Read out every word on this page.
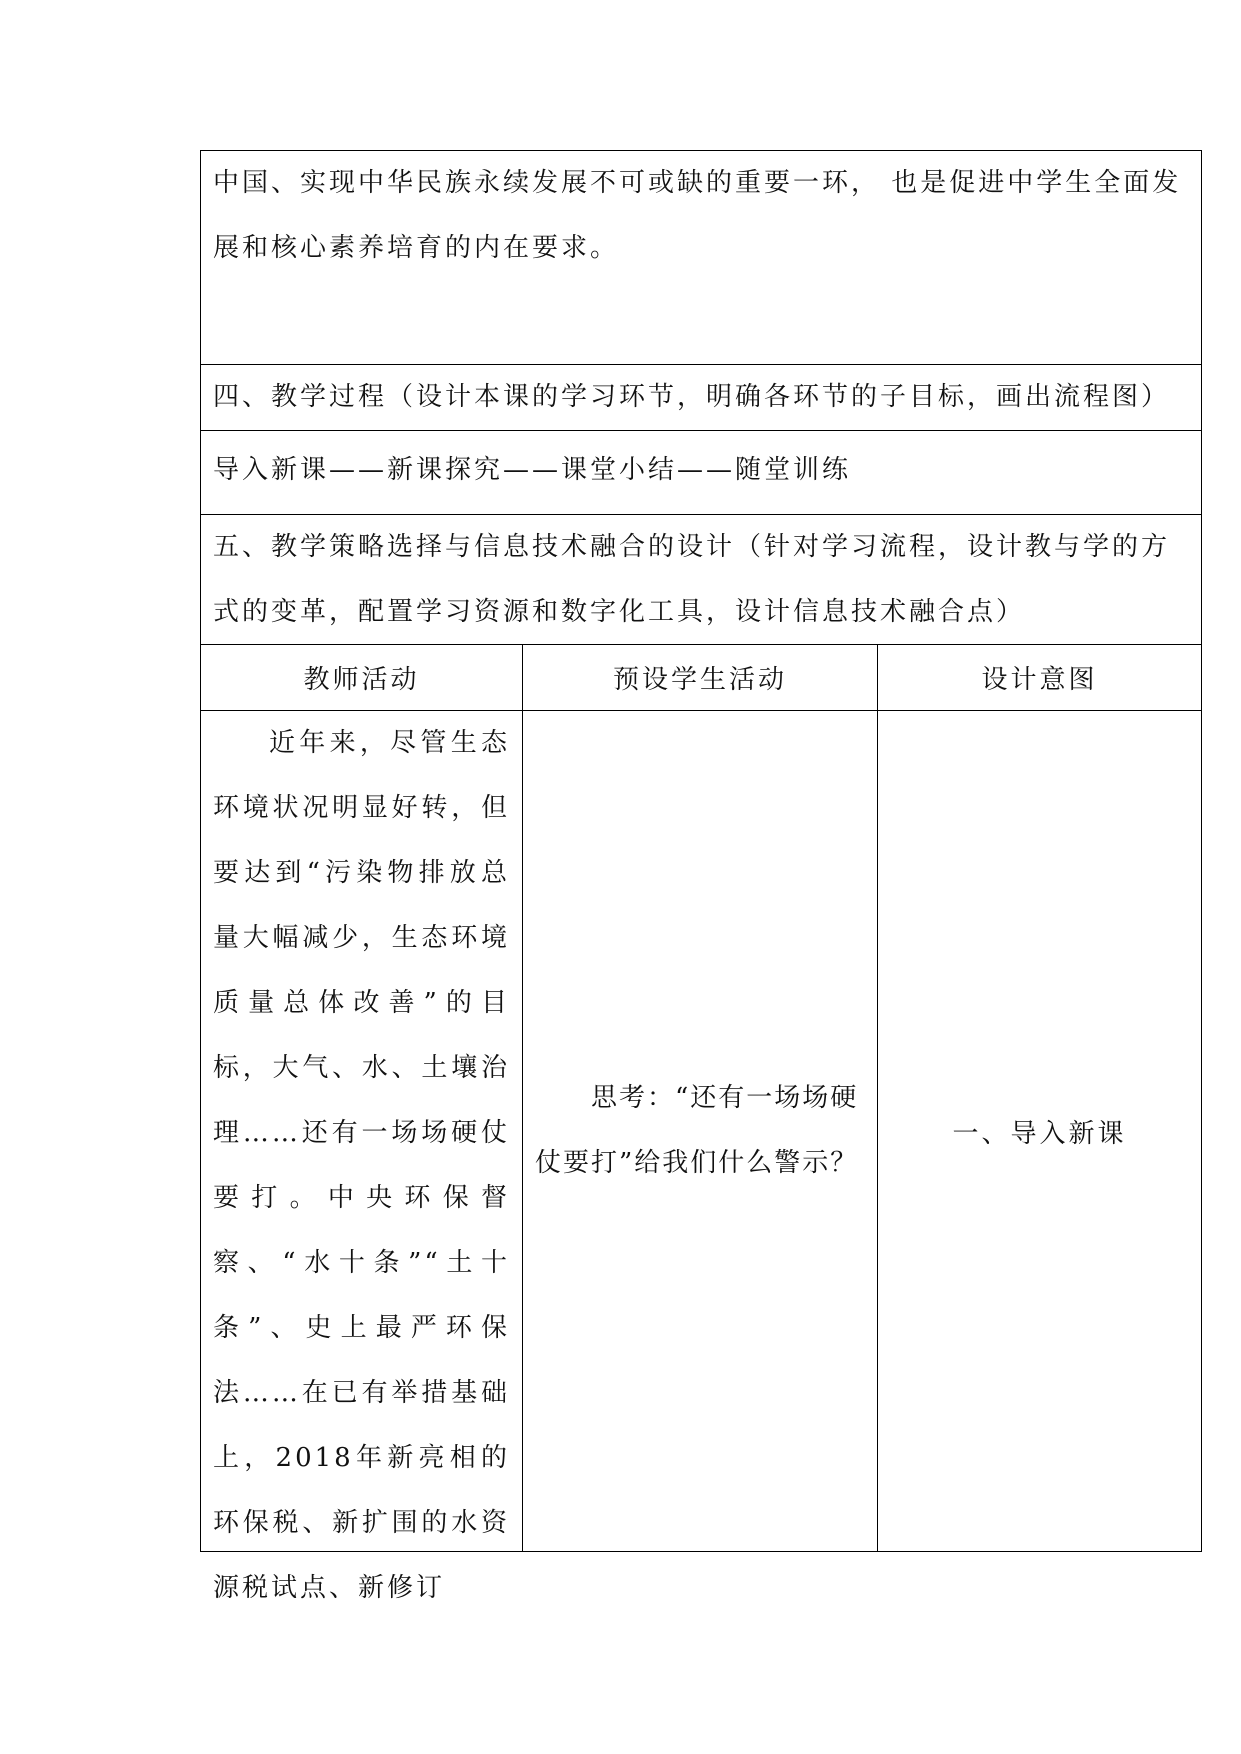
中国、实现中华民族永续发展不可或缺的重要一环， 也是促进中学生全面发展和核心素养培育的内在要求。
四、教学过程（设计本课的学习环节，明确各环节的子目标，画出流程图）
导入新课——新课探究——课堂小结——随堂训练
五、教学策略选择与信息技术融合的设计（针对学习流程，设计教与学的方式的变革，配置学习资源和数字化工具，设计信息技术融合点）
教师活动	预设学生活动	设计意图
近年来，尽管生态环境状况明显好转，但要达到“污染物排放总量大幅减少，生态环境质量总体改善”的目标，大气、水、土壤治理……还有一场场硬仗要打。中央环保督察、“水十条”“土十条”、史上最严环保法……在已有举措基础上，2018年新亮相的环保税、新扩围的水资源税试点、新修订
思考：“还有一场场硬仗要打”给我们什么警示？
一、导入新课
